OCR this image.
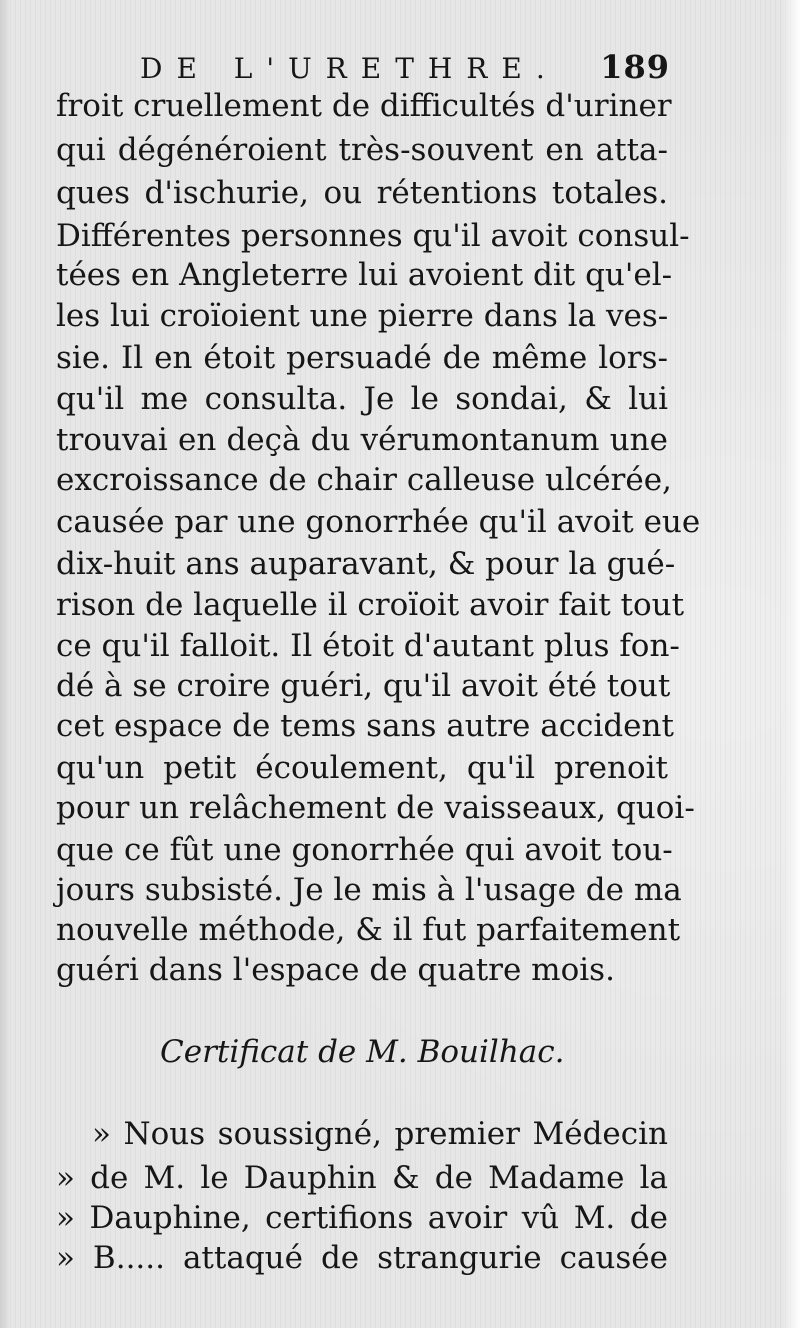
DE L'URETHRE. 189
froit cruellement de difficultés d'uriner
qui dégénéroient très-souvent en atta-
ques d'ischurie, ou rétentions totales.
Différentes personnes qu'il avoit consul-
tées en Angleterre lui avoient dit qu'el-
les lui croïoient une pierre dans la ves-
sie. Il en étoit persuadé de même lors-
qu'il me consulta. Je le sondai, & lui
trouvai en deçà du vérumontanum une
excroissance de chair calleuse ulcérée,
causée par une gonorrhée qu'il avoit eue
dix-huit ans auparavant, & pour la gué-
rison de laquelle il croïoit avoir fait tout
ce qu'il falloit. Il étoit d'autant plus fon-
dé à se croire guéri, qu'il avoit été tout
cet espace de tems sans autre accident
qu'un petit écoulement, qu'il prenoit
pour un relâchement de vaisseaux, quoi-
que ce fût une gonorrhée qui avoit tou-
jours subsisté. Je le mis à l'usage de ma
nouvelle méthode, & il fut parfaitement
guéri dans l'espace de quatre mois.
Certificat de M. Bouilhac.
» Nous soussigné, premier Médecin
» de M. le Dauphin & de Madame la
» Dauphine, certifions avoir vû M. de
» B..... attaqué de strangurie causée
